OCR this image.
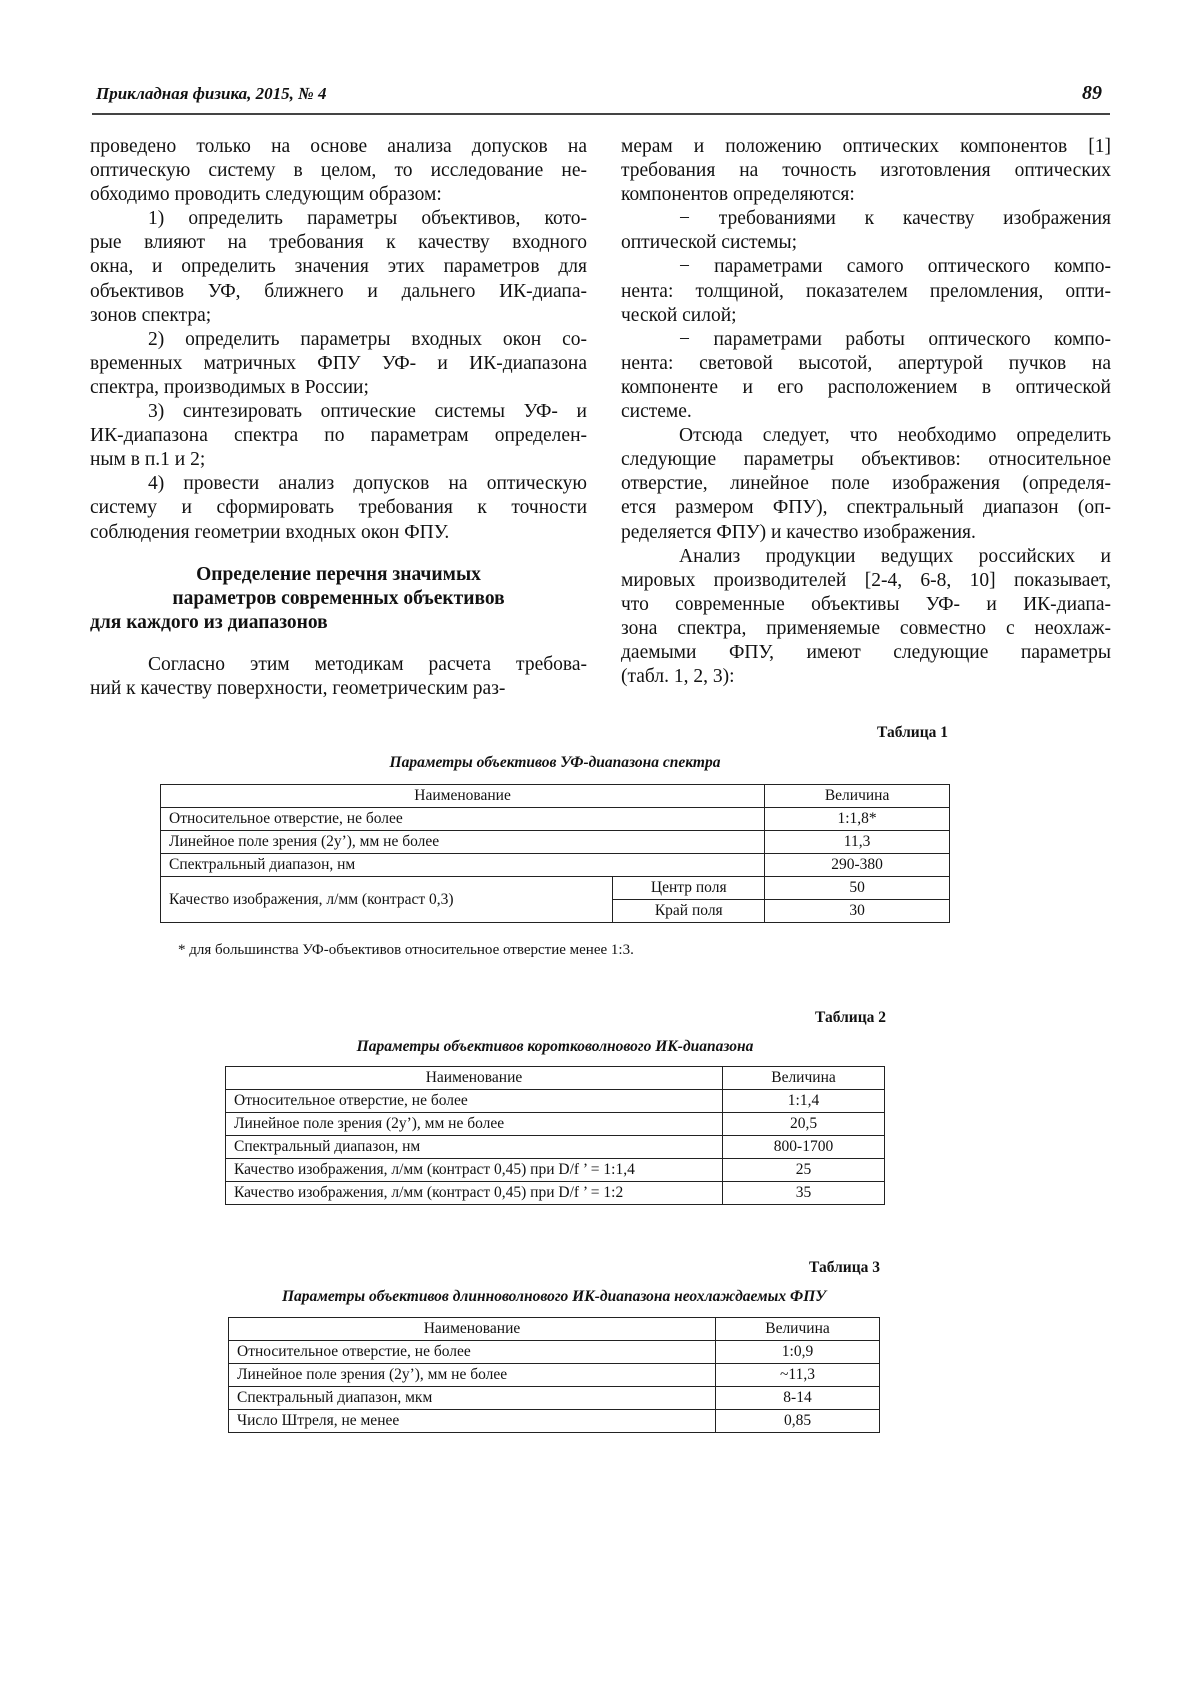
Прикладная физика, 2015, № 4	89
проведено только на основе анализа допусков на
оптическую систему в целом, то исследование не-
обходимо проводить следующим образом:
1) определить параметры объективов, кото-
рые влияют на требования к качеству входного
окна, и определить значения этих параметров для
объективов УФ, ближнего и дальнего ИК-диапа-
зонов спектра;
2) определить параметры входных окон со-
временных матричных ФПУ УФ- и ИК-диапазона
спектра, производимых в России;
3) синтезировать оптические системы УФ- и
ИК-диапазона спектра по параметрам определен-
ным в п.1 и 2;
4) провести анализ допусков на оптическую
систему и сформировать требования к точности
соблюдения геометрии входных окон ФПУ.
Определение перечня значимых
параметров современных объективов
для каждого из диапазонов
Согласно этим методикам расчета требова-
ний к качеству поверхности, геометрическим раз-
мерам и положению оптических компонентов [1]
требования на точность изготовления оптических
компонентов определяются:
− требованиями к качеству изображения
оптической системы;
− параметрами самого оптического компо-
нента: толщиной, показателем преломления, опти-
ческой силой;
− параметрами работы оптического компо-
нента: световой высотой, апертурой пучков на
компоненте и его расположением в оптической
системе.
Отсюда следует, что необходимо определить
следующие параметры объективов: относительное
отверстие, линейное поле изображения (определя-
ется размером ФПУ), спектральный диапазон (оп-
ределяется ФПУ) и качество изображения.
Анализ продукции ведущих российских и
мировых производителей [2-4, 6-8, 10] показывает,
что современные объективы УФ- и ИК-диапа-
зона спектра, применяемые совместно с неохлаж-
даемыми ФПУ, имеют следующие параметры
(табл. 1, 2, 3):
Таблица 1
Параметры объективов УФ-диапазона спектра
Наименование		Величина
Относительное отверстие, не более		1:1,8*
Линейное поле зрения (2y’), мм не более		11,3
Спектральный диапазон, нм		290-380
Качество изображения, л/мм (контраст 0,3)	Центр поля	50
	Край поля	30
* для большинства УФ-объективов относительное отверстие менее 1:3.
Таблица 2
Параметры объективов коротковолнового ИК-диапазона
Наименование	Величина
Относительное отверстие, не более	1:1,4
Линейное поле зрения (2y’), мм не более	20,5
Спектральный диапазон, нм	800-1700
Качество изображения, л/мм (контраст 0,45) при D/f ’ = 1:1,4	25
Качество изображения, л/мм (контраст 0,45) при D/f ’ = 1:2	35
Таблица 3
Параметры объективов длинноволнового ИК-диапазона неохлаждаемых ФПУ
Наименование	Величина
Относительное отверстие, не более	1:0,9
Линейное поле зрения (2y’), мм не более	~11,3
Спектральный диапазон, мкм	8-14
Число Штреля, не менее	0,85
